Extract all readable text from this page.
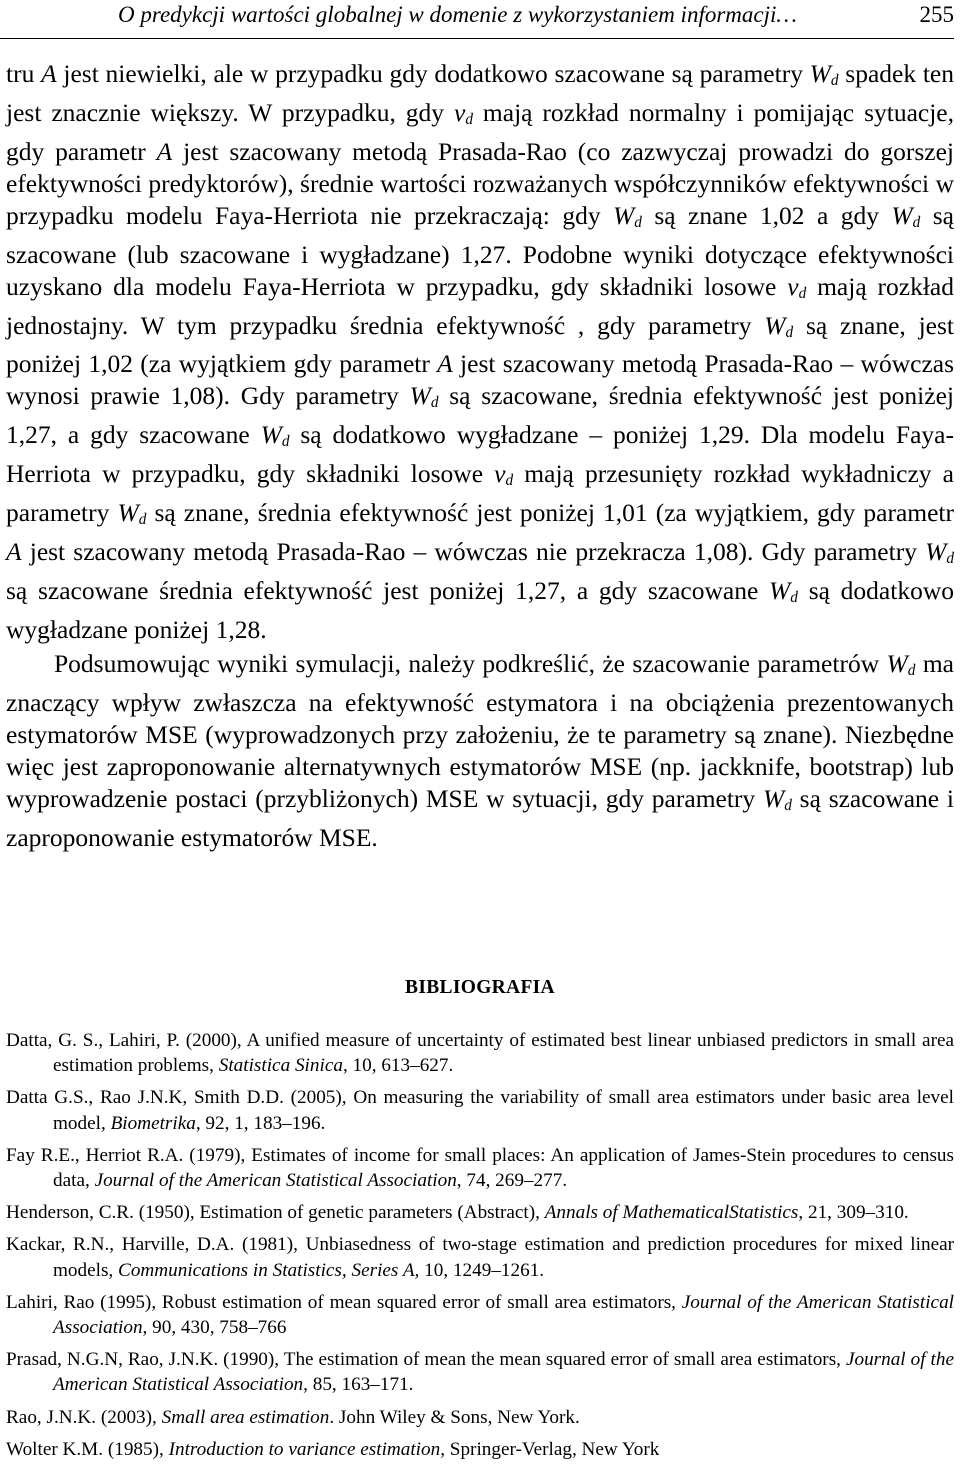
O predykcji wartości globalnej w domenie z wykorzystaniem informacji…	255

tru A jest niewielki, ale w przypadku gdy dodatkowo szacowane są parametry $W_d$ spadek ten jest znacznie większy. W przypadku, gdy $v_d$ mają rozkład normalny i pomijając sytuacje, gdy parametr A jest szacowany metodą Prasada-Rao (co zazwyczaj prowadzi do gorszej efektywności predyktorów), średnie wartości rozważanych współczynników efektywności w przypadku modelu Faya-Herriota nie przekraczają: gdy $W_d$ są znane 1,02 a gdy $W_d$ są szacowane (lub szacowane i wygładzane) 1,27. Podobne wyniki dotyczące efektywności uzyskano dla modelu Faya-Herriota w przypadku, gdy składniki losowe $v_d$ mają rozkład jednostajny. W tym przypadku średnia efektywność , gdy parametry $W_d$ są znane, jest poniżej 1,02 (za wyjątkiem gdy parametr A jest szacowany metodą Prasada-Rao – wówczas wynosi prawie 1,08). Gdy parametry $W_d$ są szacowane, średnia efektywność jest poniżej 1,27, a gdy szacowane $W_d$ są dodatkowo wygładzane – poniżej 1,29. Dla modelu Faya-Herriota w przypadku, gdy składniki losowe $v_d$ mają przesunięty rozkład wykładniczy a parametry $W_d$ są znane, średnia efektywność jest poniżej 1,01 (za wyjątkiem, gdy parametr A jest szacowany metodą Prasada-Rao – wówczas nie przekracza 1,08). Gdy parametry $W_d$ są szacowane średnia efektywność jest poniżej 1,27, a gdy szacowane $W_d$ są dodatkowo wygładzane poniżej 1,28.

Podsumowując wyniki symulacji, należy podkreślić, że szacowanie parametrów $W_d$ ma znaczący wpływ zwłaszcza na efektywność estymatora i na obciążenia prezentowanych estymatorów MSE (wyprowadzonych przy założeniu, że te parametry są znane). Niezbędne więc jest zaproponowanie alternatywnych estymatorów MSE (np. jackknife, bootstrap) lub wyprowadzenie postaci (przybliżonych) MSE w sytuacji, gdy parametry $W_d$ są szacowane i zaproponowanie estymatorów MSE.

BIBLIOGRAFIA
Datta, G. S., Lahiri, P. (2000), A unified measure of uncertainty of estimated best linear unbiased predictors in small area estimation problems, Statistica Sinica, 10, 613–627.
Datta G.S., Rao J.N.K, Smith D.D. (2005), On measuring the variability of small area estimators under basic area level model, Biometrika, 92, 1, 183–196.
Fay R.E., Herriot R.A. (1979), Estimates of income for small places: An application of James-Stein procedures to census data, Journal of the American Statistical Association, 74, 269–277.
Henderson, C.R. (1950), Estimation of genetic parameters (Abstract), Annals of MathematicalStatistics, 21, 309–310.
Kackar, R.N., Harville, D.A. (1981), Unbiasedness of two-stage estimation and prediction procedures for mixed linear models, Communications in Statistics, Series A, 10, 1249–1261.
Lahiri, Rao (1995), Robust estimation of mean squared error of small area estimators, Journal of the American Statistical Association, 90, 430, 758–766
Prasad, N.G.N, Rao, J.N.K. (1990), The estimation of mean the mean squared error of small area estimators, Journal of the American Statistical Association, 85, 163–171.
Rao, J.N.K. (2003), Small area estimation. John Wiley & Sons, New York.
Wolter K.M. (1985), Introduction to variance estimation, Springer-Verlag, New York
